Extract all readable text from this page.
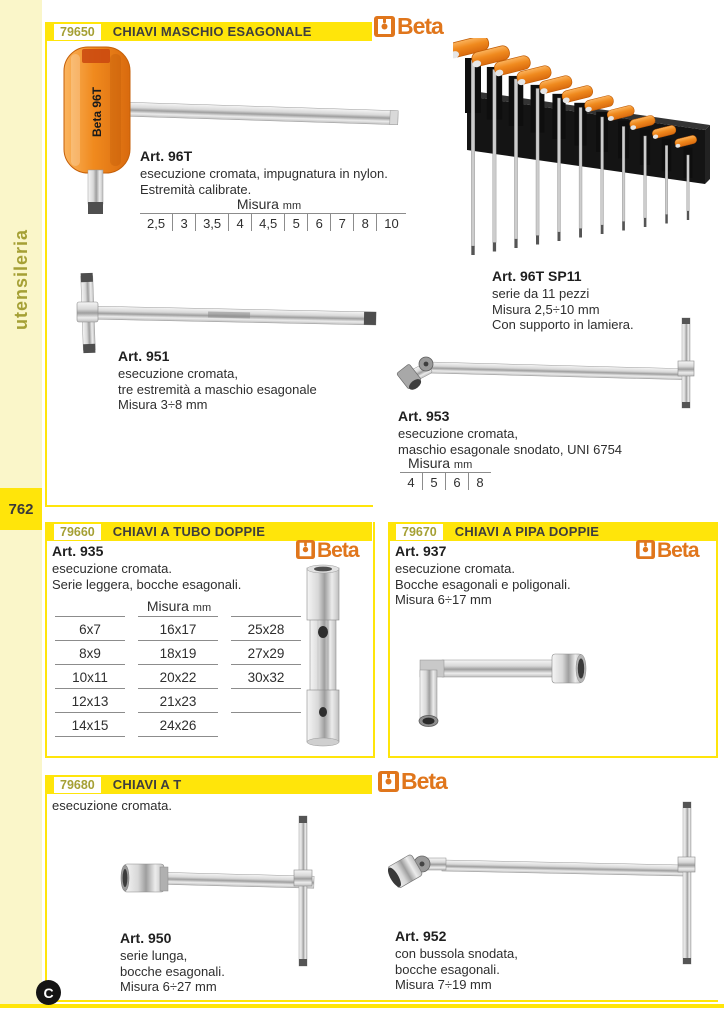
utensileria
762
C
79650	CHIAVI MASCHIO ESAGONALE	Beta
Beta 96T
Art. 96T
esecuzione cromata, impugnatura in nylon.
Estremità calibrate.
Misura mm
2,5	3	3,5	4	4,5	5	6	7	8	10
Art. 96T SP11
serie da 11 pezzi
Misura 2,5÷10 mm
Con supporto in lamiera.
Art. 951
esecuzione cromata,
tre estremità a maschio esagonale
Misura 3÷8 mm
Art. 953
esecuzione cromata,
maschio esagonale snodato, UNI 6754
Misura mm
4	5	6	8
79660	CHIAVI A TUBO DOPPIE
Beta
Art. 935
esecuzione cromata.
Serie leggera, bocche esagonali.
Misura mm
6x7	16x17	25x28
8x9	18x19	27x29
10x11	20x22	30x32
12x13	21x23
14x15	24x26
79670	CHIAVI A PIPA DOPPIE
Beta
Art. 937
esecuzione cromata.
Bocche esagonali e poligonali.
Misura 6÷17 mm
79680	CHIAVI A T	Beta
esecuzione cromata.
Art. 950
serie lunga,
bocche esagonali.
Misura 6÷27 mm
Art. 952
con bussola snodata,
bocche esagonali.
Misura 7÷19 mm
